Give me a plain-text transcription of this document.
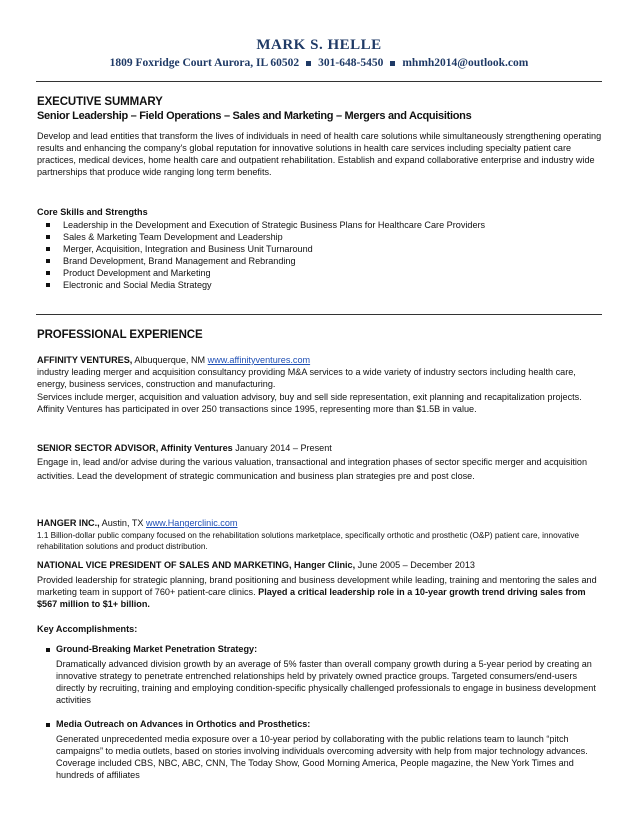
MARK S. HELLE
1809 Foxridge Court Aurora, IL 60502 301-648-5450 mhmh2014@outlook.com
EXECUTIVE SUMMARY
Senior Leadership – Field Operations – Sales and Marketing – Mergers and Acquisitions

Develop and lead entities that transform the lives of individuals in need of health care solutions while simultaneously strengthening operating results and enhancing the company's global reputation for innovative solutions in health care services including specialty patient care practices, medical devices, home health care and outpatient rehabilitation. Establish and expand collaborative enterprise and industry wide partnerships that produce wide ranging long term benefits.

Core Skills and Strengths
Leadership in the Development and Execution of Strategic Business Plans for Healthcare Care Providers
Sales & Marketing Team Development and Leadership
Merger, Acquisition, Integration and Business Unit Turnaround
Brand Development, Brand Management and Rebranding
Product Development and Marketing
Electronic and Social Media Strategy
PROFESSIONAL EXPERIENCE
AFFINITY VENTURES, Albuquerque, NM www.affinityventures.com

industry leading merger and acquisition consultancy providing M&A services to a wide variety of industry sectors including health care, energy, business services, construction and manufacturing.

Services include merger, acquisition and valuation advisory, buy and sell side representation, exit planning and recapitalization projects. Affinity Ventures has participated in over 250 transactions since 1995, representing more than $1.5B in value.

SENIOR SECTOR ADVISOR, Affinity Ventures January 2014 – Present

Engage in, lead and/or advise during the various valuation, transactional and integration phases of sector specific merger and acquisition activities. Lead the development of strategic communication and business plan strategies pre and post close.

HANGER INC., Austin, TX www.Hangerclinic.com

1.1 Billion-dollar public company focused on the rehabilitation solutions marketplace, specifically orthotic and prosthetic (O&P) patient care, innovative rehabilitation solutions and product distribution.

NATIONAL VICE PRESIDENT OF SALES AND MARKETING, Hanger Clinic, June 2005 – December 2013

Provided leadership for strategic planning, brand positioning and business development while leading, training and mentoring the sales and marketing team in support of 760+ patient-care clinics. Played a critical leadership role in a 10-year growth trend driving sales from $567 million to $1+ billion.

Key Accomplishments:
Ground-Breaking Market Penetration Strategy:

Dramatically advanced division growth by an average of 5% faster than overall company growth during a 5-year period by creating an innovative strategy to penetrate entrenched relationships held by privately owned practice groups. Targeted consumers/end-users directly by recruiting, training and employing condition-specific physically challenged professionals to engage in business development activities

Media Outreach on Advances in Orthotics and Prosthetics:

Generated unprecedented media exposure over a 10-year period by collaborating with the public relations team to launch “pitch campaigns” to media outlets, based on stories involving individuals overcoming adversity with help from major technology advances. Coverage included CBS, NBC, ABC, CNN, The Today Show, Good Morning America, People magazine, the New York Times and hundreds of affiliates
